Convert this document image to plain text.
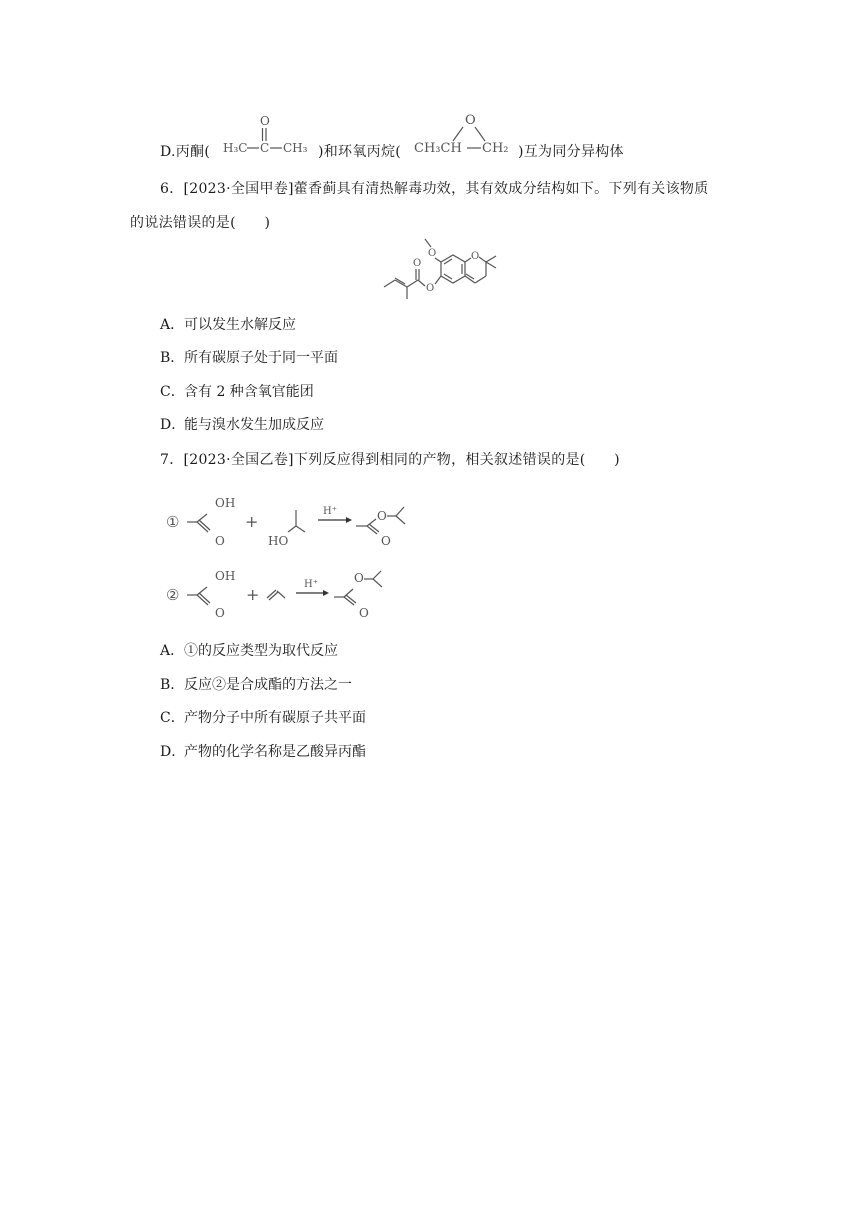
D.丙酮(
O
H₃C C CH₃ )和环氧丙烷(
O
CH₃CH CH₂ )互为同分异构体
6．[2023·全国甲卷]藿香蓟具有清热解毒功效，其有效成分结构如下。下列有关该物质
的说法错误的是(　　)
O	O
O
O
A．可以发生水解反应
B．所有碳原子处于同一平面
C．含有 2 种含氧官能团
D．能与溴水发生加成反应
7．[2023·全国乙卷]下列反应得到相同的产物，相关叙述错误的是(　　)
①
OH
O
+
HO
H⁺	O
O
②
OH
O
+
H⁺	O
O
A．①的反应类型为取代反应
B．反应②是合成酯的方法之一
C．产物分子中所有碳原子共平面
D．产物的化学名称是乙酸异丙酯
